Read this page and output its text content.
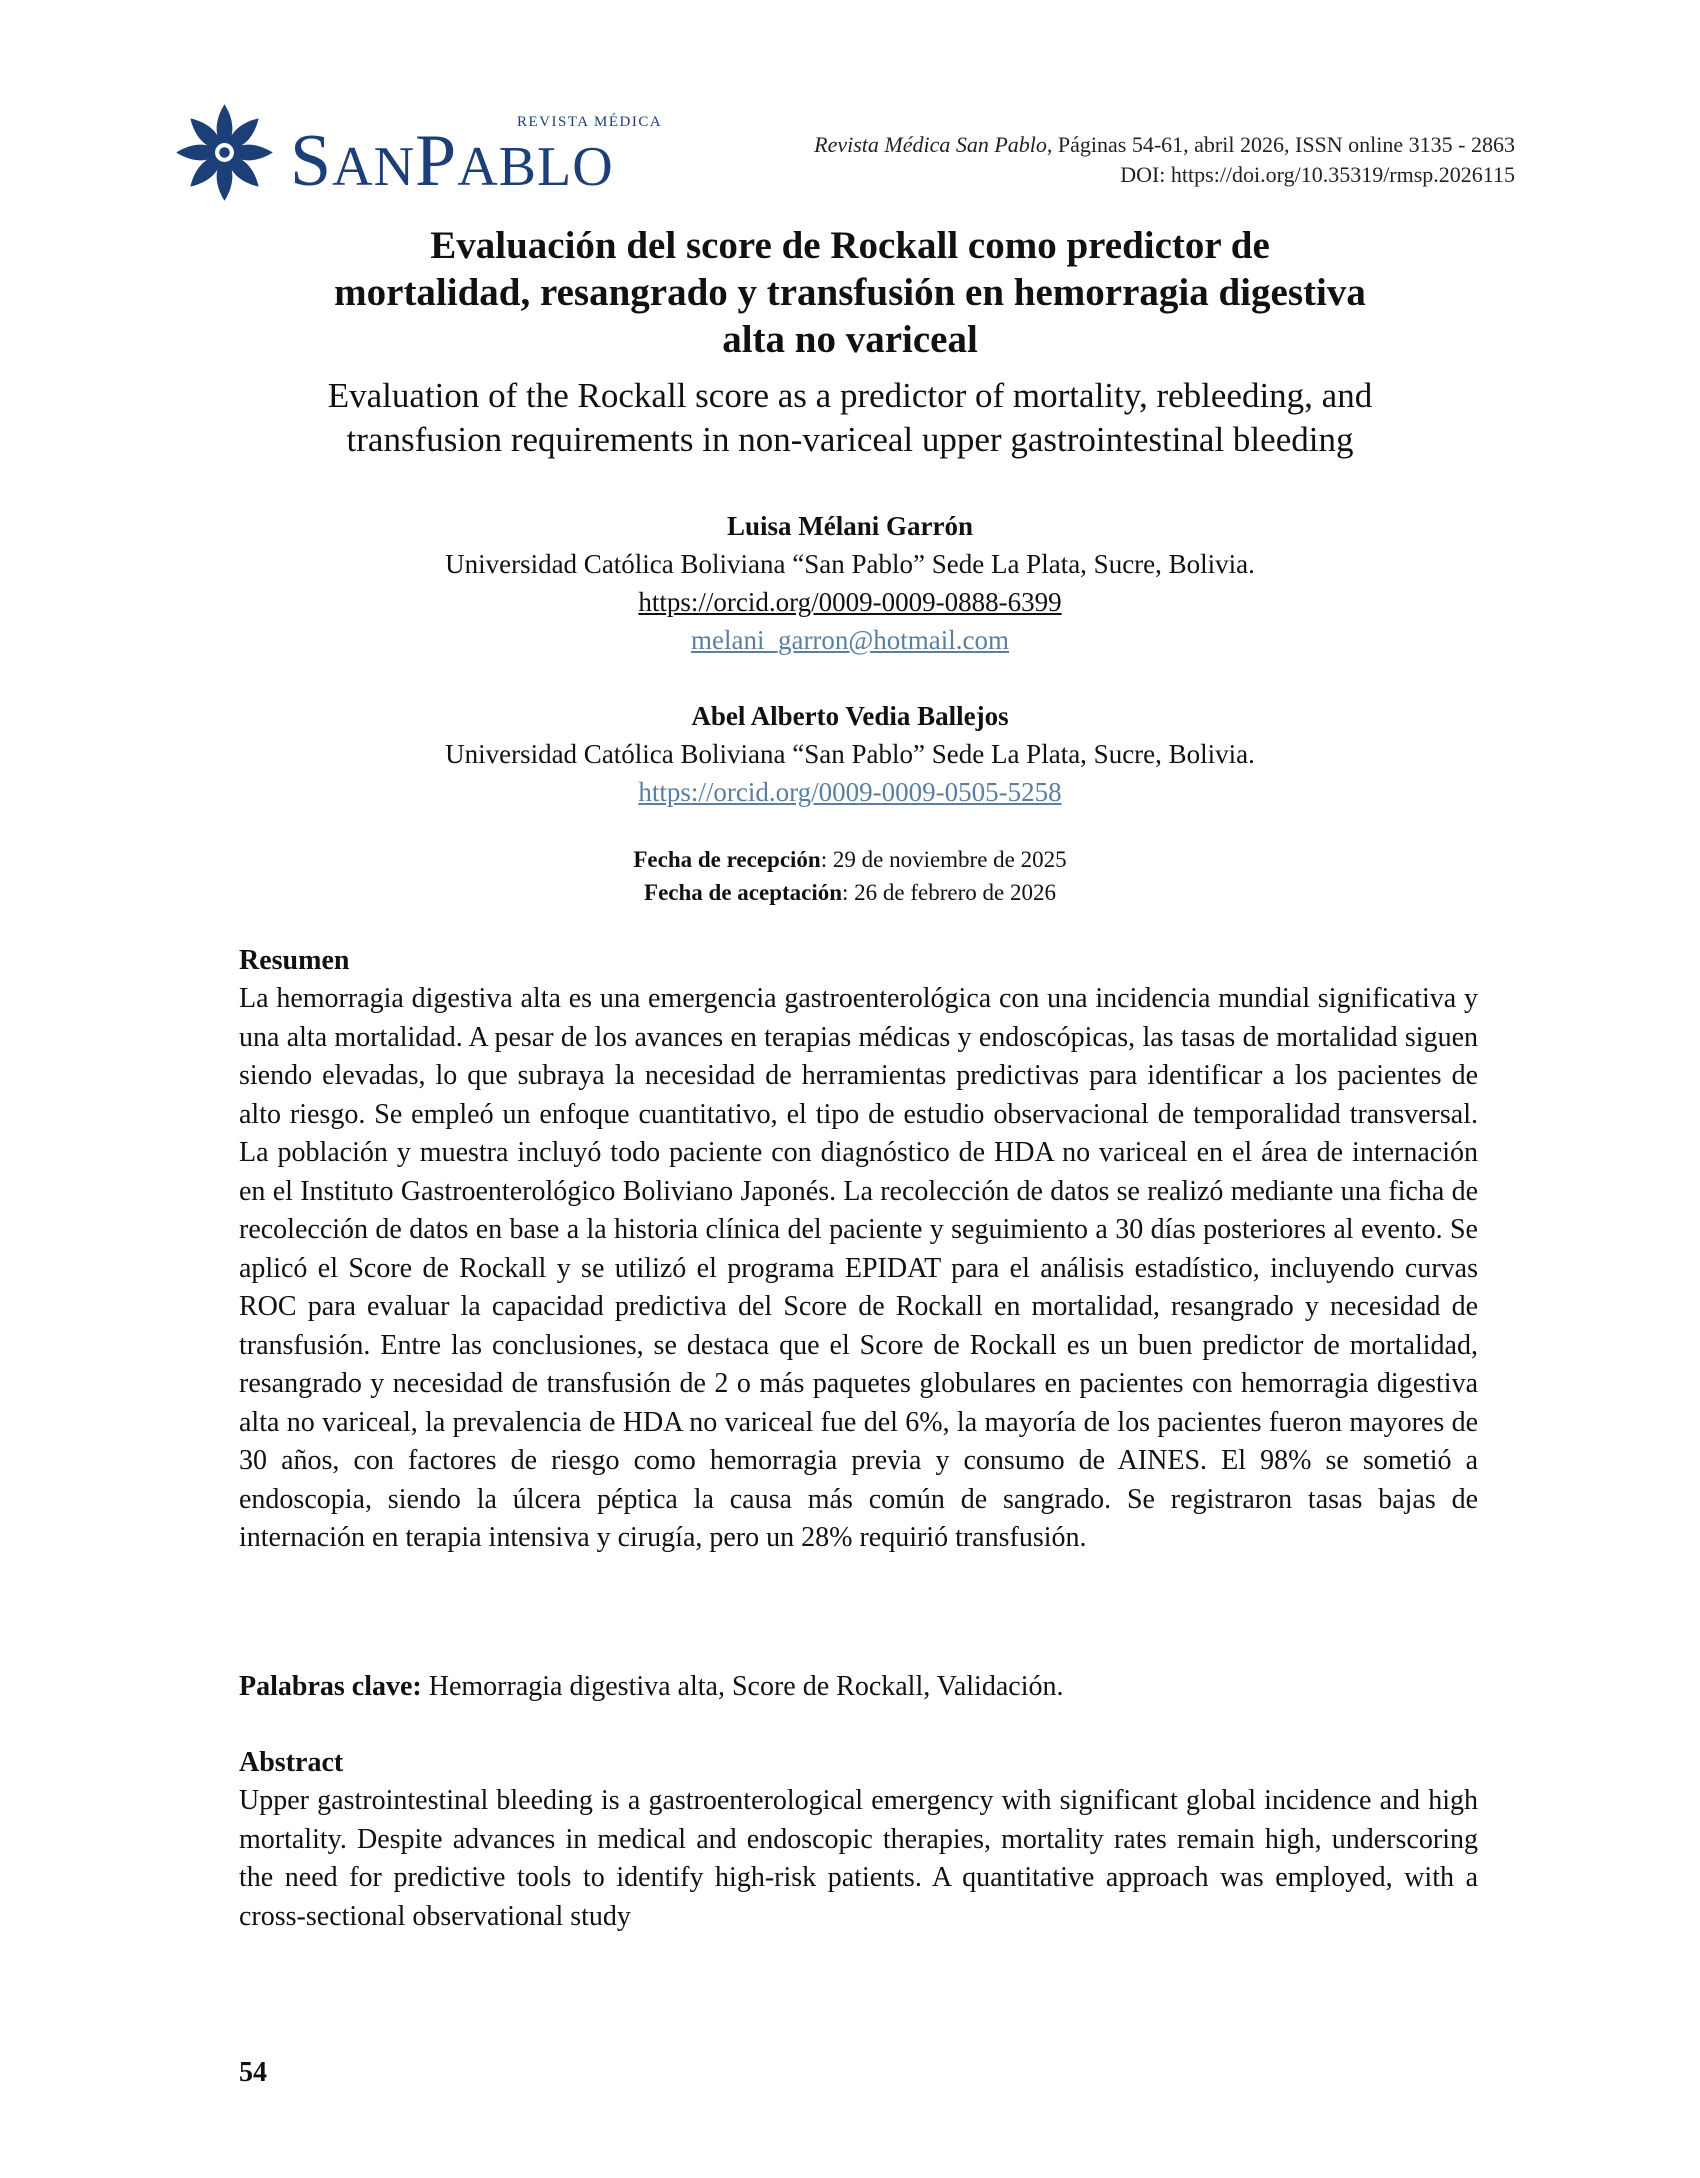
REVISTA MÉDICA
SANPABLO	Revista Médica San Pablo, Páginas 54-61, abril 2026, ISSN online 3135 - 2863
DOI: https://doi.org/10.35319/rmsp.2026115
Evaluación del score de Rockall como predictor de
mortalidad, resangrado y transfusión en hemorragia digestiva
alta no variceal
Evaluation of the Rockall score as a predictor of mortality, rebleeding, and
transfusion requirements in non-variceal upper gastrointestinal bleeding
Luisa Mélani Garrón
Universidad Católica Boliviana “San Pablo” Sede La Plata, Sucre, Bolivia.
https://orcid.org/0009-0009-0888-6399
melani_garron@hotmail.com
Abel Alberto Vedia Ballejos
Universidad Católica Boliviana “San Pablo” Sede La Plata, Sucre, Bolivia.
https://orcid.org/0009-0009-0505-5258
Fecha de recepción: 29 de noviembre de 2025
Fecha de aceptación: 26 de febrero de 2026
Resumen
La hemorragia digestiva alta es una emergencia gastroenterológica con una incidencia mundial significativa y una alta mortalidad. A pesar de los avances en terapias médicas y endoscópicas, las tasas de mortalidad siguen siendo elevadas, lo que subraya la necesidad de herramientas predictivas para identificar a los pacientes de alto riesgo. Se empleó un enfoque cuantitativo, el tipo de estudio observacional de temporalidad transversal. La población y muestra incluyó todo paciente con diagnóstico de HDA no variceal en el área de internación en el Instituto Gastroenterológico Boliviano Japonés. La recolección de datos se realizó mediante una ficha de recolección de datos en base a la historia clínica del paciente y seguimiento a 30 días posteriores al evento. Se aplicó el Score de Rockall y se utilizó el programa EPIDAT para el análisis estadístico, incluyendo curvas ROC para evaluar la capacidad predictiva del Score de Rockall en mortalidad, resangrado y necesidad de transfusión. Entre las conclusiones, se destaca que el Score de Rockall es un buen predictor de mortalidad, resangrado y necesidad de transfusión de 2 o más paquetes globulares en pacientes con hemorragia digestiva alta no variceal, la prevalencia de HDA no variceal fue del 6%, la mayoría de los pacientes fueron mayores de 30 años, con factores de riesgo como hemorragia previa y consumo de AINES. El 98% se sometió a endoscopia, siendo la úlcera péptica la causa más común de sangrado. Se registraron tasas bajas de internación en terapia intensiva y cirugía, pero un 28% requirió transfusión.
Palabras clave: Hemorragia digestiva alta, Score de Rockall, Validación.
Abstract
Upper gastrointestinal bleeding is a gastroenterological emergency with significant global incidence and high mortality. Despite advances in medical and endoscopic therapies, mortality rates remain high, underscoring the need for predictive tools to identify high-risk patients. A quantitative approach was employed, with a cross-sectional observational study
54
